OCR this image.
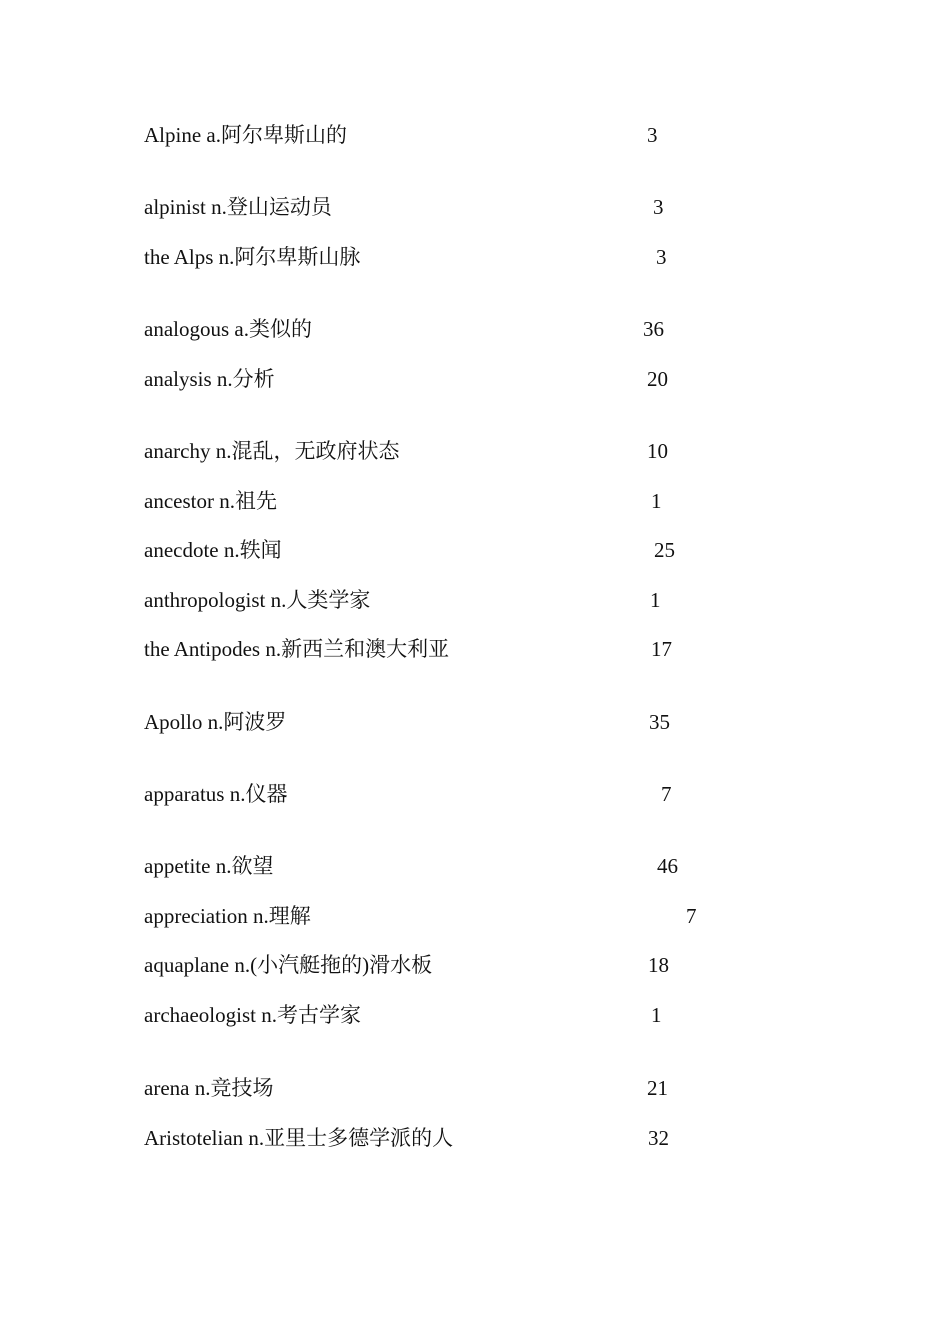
Alpine a.阿尔卑斯山的	3
alpinist n.登山运动员	3
the Alps n.阿尔卑斯山脉	3
analogous a.类似的	36
analysis n.分析	20
anarchy n.混乱，无政府状态	10
ancestor n.祖先	1
anecdote n.轶闻	25
anthropologist n.人类学家	1
the Antipodes n.新西兰和澳大利亚	17
Apollo n.阿波罗	35
apparatus n.仪器	7
appetite n.欲望	46
appreciation n.理解	7
aquaplane n.(小汽艇拖的)滑水板	18
archaeologist n.考古学家	1
arena n.竞技场	21
Aristotelian n.亚里士多德学派的人	32
